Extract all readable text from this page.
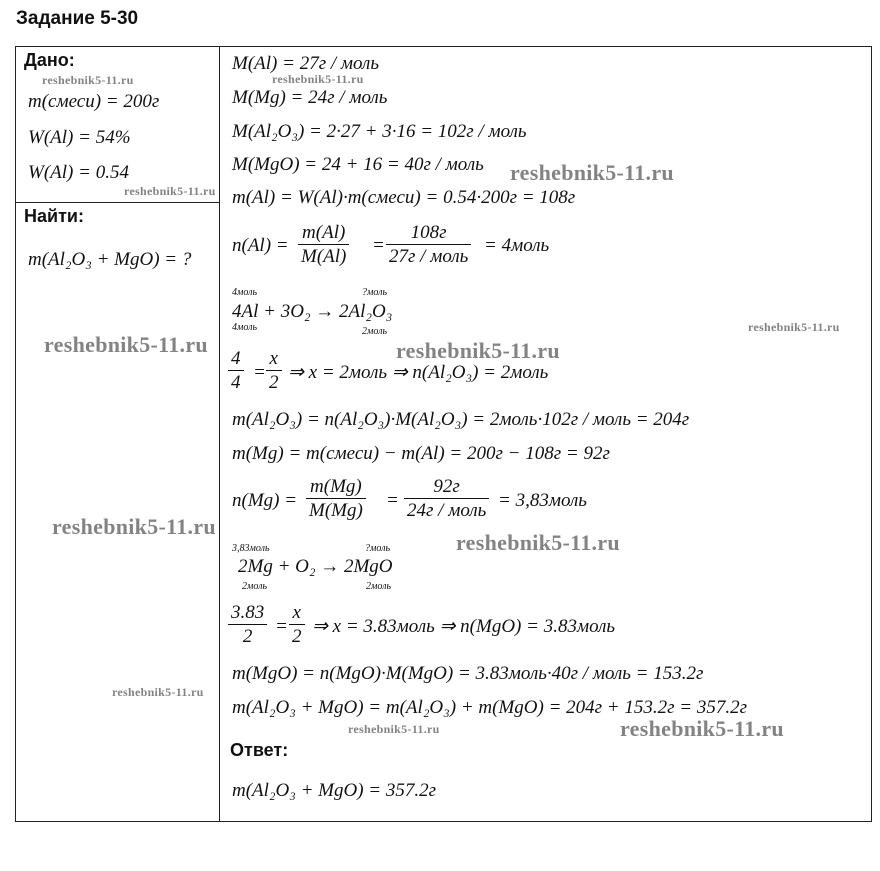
Задание 5-30
Дано:
m(смеси) = 200г
W(Al) = 54%
W(Al) = 0.54
Найти:
m(Al₂O₃ + MgO) = ?
M(Al) = 27г / моль
M(Mg) = 24г / моль
M(Al₂O₃) = 2·27 + 3·16 = 102г / моль
M(MgO) = 24 + 16 = 40г / моль
m(Al) = W(Al)·m(смеси) = 0.54·200г = 108г
$n(Al) = \frac{m(Al)}{M(Al)}$ =
108г
27г / моль
= 4моль
4моль	?моль
4Al + 3O₂ → 2Al₂O₃
4моль	2моль
$\frac{4}{4} = \frac{x}{2}$ ⇒ x = 2моль ⇒ n(Al₂O₃) = 2моль
m(Al₂O₃) = n(Al₂O₃)·M(Al₂O₃) = 2моль·102г / моль = 204г
m(Mg) = m(смеси) − m(Al) = 200г − 108г = 92г
$n(Mg) = \frac{m(Mg)}{M(Mg)}$ =
92г
24г / моль = 3,83моль
3,83моль	?моль
2Mg + O₂ → 2MgO
2моль	2моль
$\frac{3.83}{2} = \frac{x}{2}$ ⇒ x = 3.83моль ⇒ n(MgO) = 3.83моль
m(MgO) = n(MgO)·M(MgO) = 3.83моль·40г / моль = 153.2г
m(Al₂O₃ + MgO) = m(Al₂O₃) + m(MgO) = 204г + 153.2г = 357.2г
Ответ:
m(Al₂O₃ + MgO) = 357.2г
reshebnik5-11.ru	reshebnik5-11.ru
reshebnik5-11.ru
reshebnik5-11.ru
reshebnik5-11.ru
reshebnik5-11.ru	reshebnik5-11.ru
reshebnik5-11.ru
reshebnik5-11.ru
reshebnik5-11.ru
reshebnik5-11.ru	reshebnik5-11.ru
